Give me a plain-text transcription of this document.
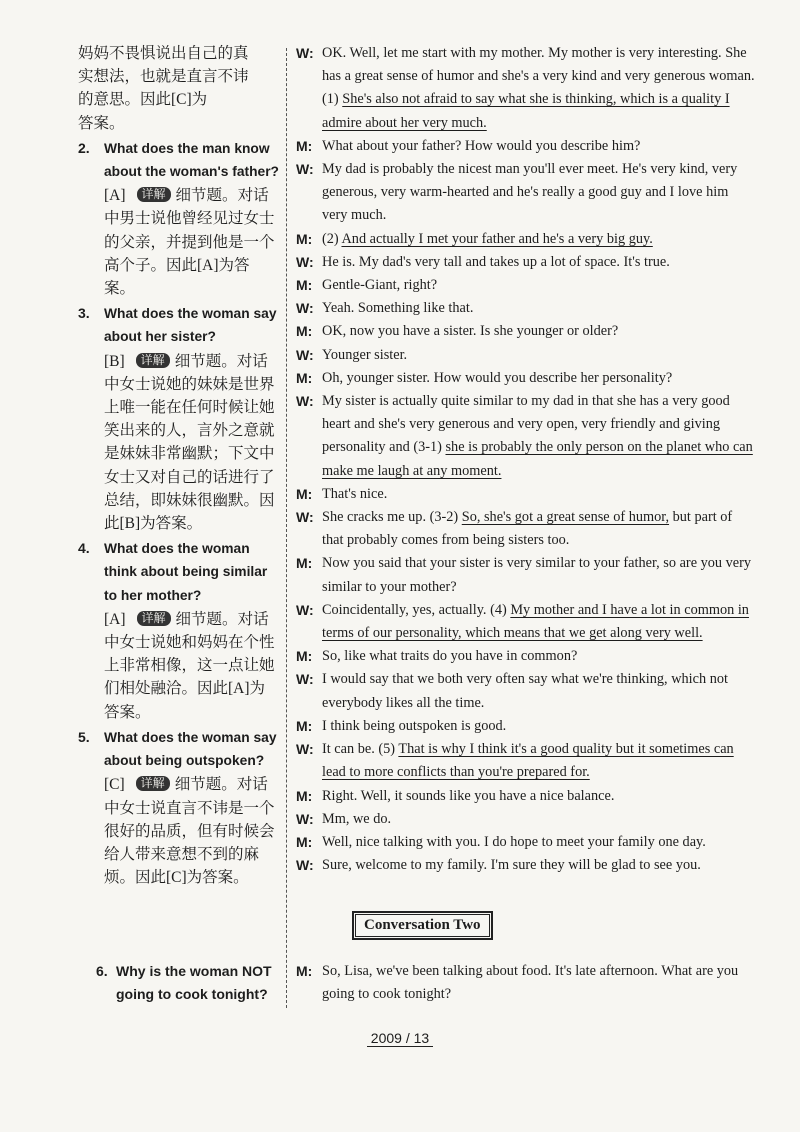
妈妈不畏惧说出自己的真
实想法，也就是直言不讳
的意思。因此[C]为
答案。
2. What does the man know about the woman's father?
[A] 详解 细节题。对话中男士说他曾经见过女士的父亲，并提到他是一个高个子。因此[A]为答案。
3. What does the woman say about her sister?
[B] 详解 细节题。对话中女士说她的妹妹是世界上唯一能在任何时候让她笑出来的人，言外之意就是妹妹非常幽默；下文中女士又对自己的话进行了总结，即妹妹很幽默。因此[B]为答案。
4. What does the woman think about being similar to her mother?
[A] 详解 细节题。对话中女士说她和妈妈在个性上非常相像，这一点让她们相处融洽。因此[A]为答案。
5. What does the woman say about being outspoken?
[C] 详解 细节题。对话中女士说直言不讳是一个很好的品质，但有时候会给人带来意想不到的麻烦。因此[C]为答案。
W: OK. Well, let me start with my mother. My mother is very interesting. She has a great sense of humor and she's a very kind and very generous woman. (1) She's also not afraid to say what she is thinking, which is a quality I admire about her very much.
M: What about your father? How would you describe him?
W: My dad is probably the nicest man you'll ever meet. He's very kind, very generous, very warm-hearted and he's really a good guy and I love him very much.
M: (2) And actually I met your father and he's a very big guy.
W: He is. My dad's very tall and takes up a lot of space. It's true.
M: Gentle-Giant, right?
W: Yeah. Something like that.
M: OK, now you have a sister. Is she younger or older?
W: Younger sister.
M: Oh, younger sister. How would you describe her personality?
W: My sister is actually quite similar to my dad in that she has a very good heart and she's very generous and very open, very friendly and giving personality and (3-1) she is probably the only person on the planet who can make me laugh at any moment.
M: That's nice.
W: She cracks me up. (3-2) So, she's got a great sense of humor, but part of that probably comes from being sisters too.
M: Now you said that your sister is very similar to your father, so are you very similar to your mother?
W: Coincidentally, yes, actually. (4) My mother and I have a lot in common in terms of our personality, which means that we get along very well.
M: So, like what traits do you have in common?
W: I would say that we both very often say what we're thinking, which not everybody likes all the time.
M: I think being outspoken is good.
W: It can be. (5) That is why I think it's a good quality but it sometimes can lead to more conflicts than you're prepared for.
M: Right. Well, it sounds like you have a nice balance.
W: Mm, we do.
M: Well, nice talking with you. I do hope to meet your family one day.
W: Sure, welcome to my family. I'm sure they will be glad to see you.
Conversation Two
6. Why is the woman NOT going to cook tonight?
M: So, Lisa, we've been talking about food. It's late afternoon. What are you going to cook tonight?
2009 / 13
